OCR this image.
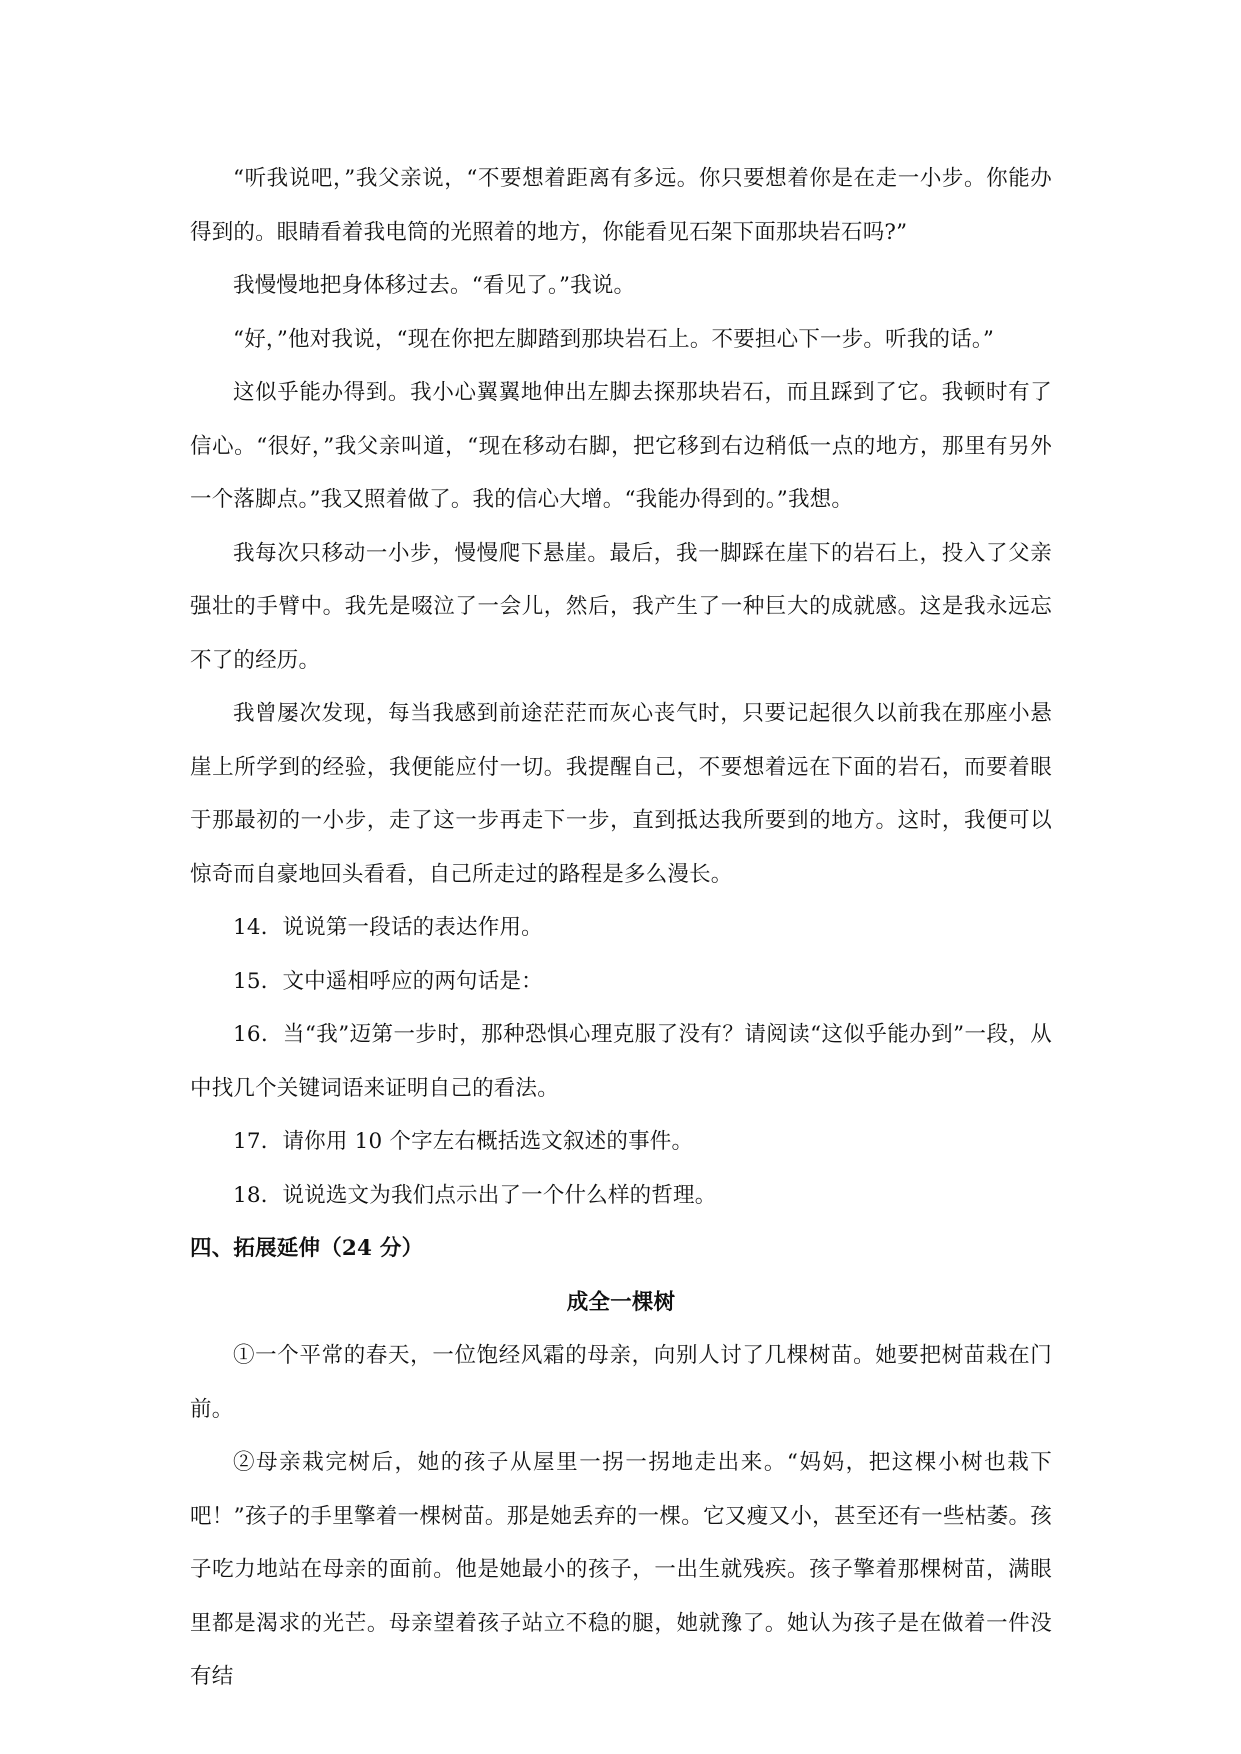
“听我说吧，”我父亲说，“不要想着距离有多远。你只要想着你是在走一小步。你能办得到的。眼睛看着我电筒的光照着的地方，你能看见石架下面那块岩石吗?”

我慢慢地把身体移过去。“看见了。”我说。

“好，”他对我说，“现在你把左脚踏到那块岩石上。不要担心下一步。听我的话。”

这似乎能办得到。我小心翼翼地伸出左脚去探那块岩石，而且踩到了它。我顿时有了信心。“很好，”我父亲叫道，“现在移动右脚，把它移到右边稍低一点的地方，那里有另外一个落脚点。”我又照着做了。我的信心大增。“我能办得到的。”我想。

我每次只移动一小步，慢慢爬下悬崖。最后，我一脚踩在崖下的岩石上，投入了父亲强壮的手臂中。我先是啜泣了一会儿，然后，我产生了一种巨大的成就感。这是我永远忘不了的经历。

我曾屡次发现，每当我感到前途茫茫而灰心丧气时，只要记起很久以前我在那座小悬崖上所学到的经验，我便能应付一切。我提醒自己，不要想着远在下面的岩石，而要着眼于那最初的一小步，走了这一步再走下一步，直到抵达我所要到的地方。这时，我便可以惊奇而自豪地回头看看，自己所走过的路程是多么漫长。

14．说说第一段话的表达作用。

15．文中遥相呼应的两句话是：

16．当“我”迈第一步时，那种恐惧心理克服了没有？请阅读“这似乎能办到”一段，从中找几个关键词语来证明自己的看法。

17．请你用 10 个字左右概括选文叙述的事件。

18．说说选文为我们点示出了一个什么样的哲理。

四、拓展延伸（24 分）

成全一棵树

①一个平常的春天，一位饱经风霜的母亲，向别人讨了几棵树苗。她要把树苗栽在门前。

②母亲栽完树后，她的孩子从屋里一拐一拐地走出来。“妈妈，把这棵小树也栽下吧！”孩子的手里擎着一棵树苗。那是她丢弃的一棵。它又瘦又小，甚至还有一些枯萎。孩子吃力地站在母亲的面前。他是她最小的孩子，一出生就残疾。孩子擎着那棵树苗，满眼里都是渴求的光芒。母亲望着孩子站立不稳的腿，她就豫了。她认为孩子是在做着一件没有结
